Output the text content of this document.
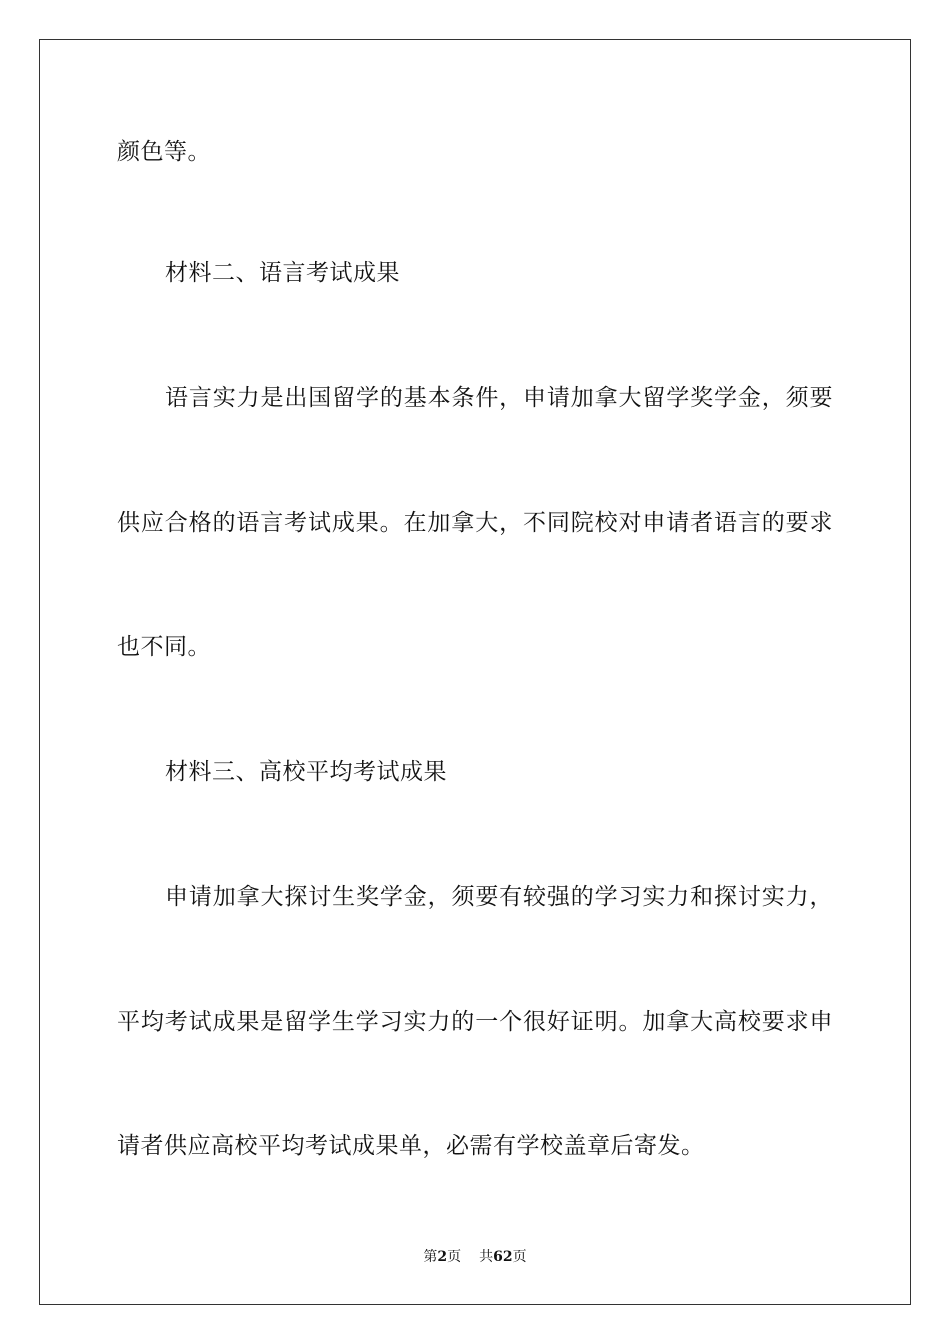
颜色等。

材料二、语言考试成果

语言实力是出国留学的基本条件，申请加拿大留学奖学金，须要

供应合格的语言考试成果。在加拿大，不同院校对申请者语言的要求

也不同。

材料三、高校平均考试成果

申请加拿大探讨生奖学金，须要有较强的学习实力和探讨实力，

平均考试成果是留学生学习实力的一个很好证明。加拿大高校要求申

请者供应高校平均考试成果单，必需有学校盖章后寄发。

第2页 共62页
